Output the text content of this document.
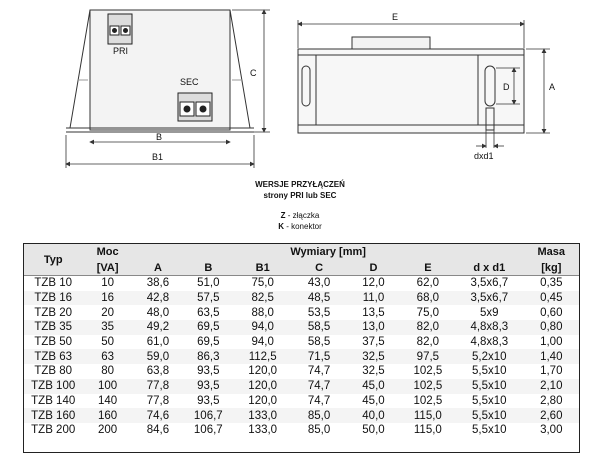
PRI
SEC
B
B1
C
E
A
D
dxd1
WERSJE PRZYŁĄCZEŃ
strony PRI lub SEC
Z - złączka
K - konektor
Typ	Moc	Wymiary [mm]							Masa
	[VA]	A	B	B1	C	D	E	d x d1	[kg]
TZB 10	10	38,6	51,0	75,0	43,0	12,0	62,0	3,5x6,7	0,35
TZB 16	16	42,8	57,5	82,5	48,5	11,0	68,0	3,5x6,7	0,45
TZB 20	20	48,0	63,5	88,0	53,5	13,5	75,0	5x9	0,60
TZB 35	35	49,2	69,5	94,0	58,5	13,0	82,0	4,8x8,3	0,80
TZB 50	50	61,0	69,5	94,0	58,5	37,5	82,0	4,8x8,3	1,00
TZB 63	63	59,0	86,3	112,5	71,5	32,5	97,5	5,2x10	1,40
TZB 80	80	63,8	93,5	120,0	74,7	32,5	102,5	5,5x10	1,70
TZB 100	100	77,8	93,5	120,0	74,7	45,0	102,5	5,5x10	2,10
TZB 140	140	77,8	93,5	120,0	74,7	45,0	102,5	5,5x10	2,80
TZB 160	160	74,6	106,7	133,0	85,0	40,0	115,0	5,5x10	2,60
TZB 200	200	84,6	106,7	133,0	85,0	50,0	115,0	5,5x10	3,00
